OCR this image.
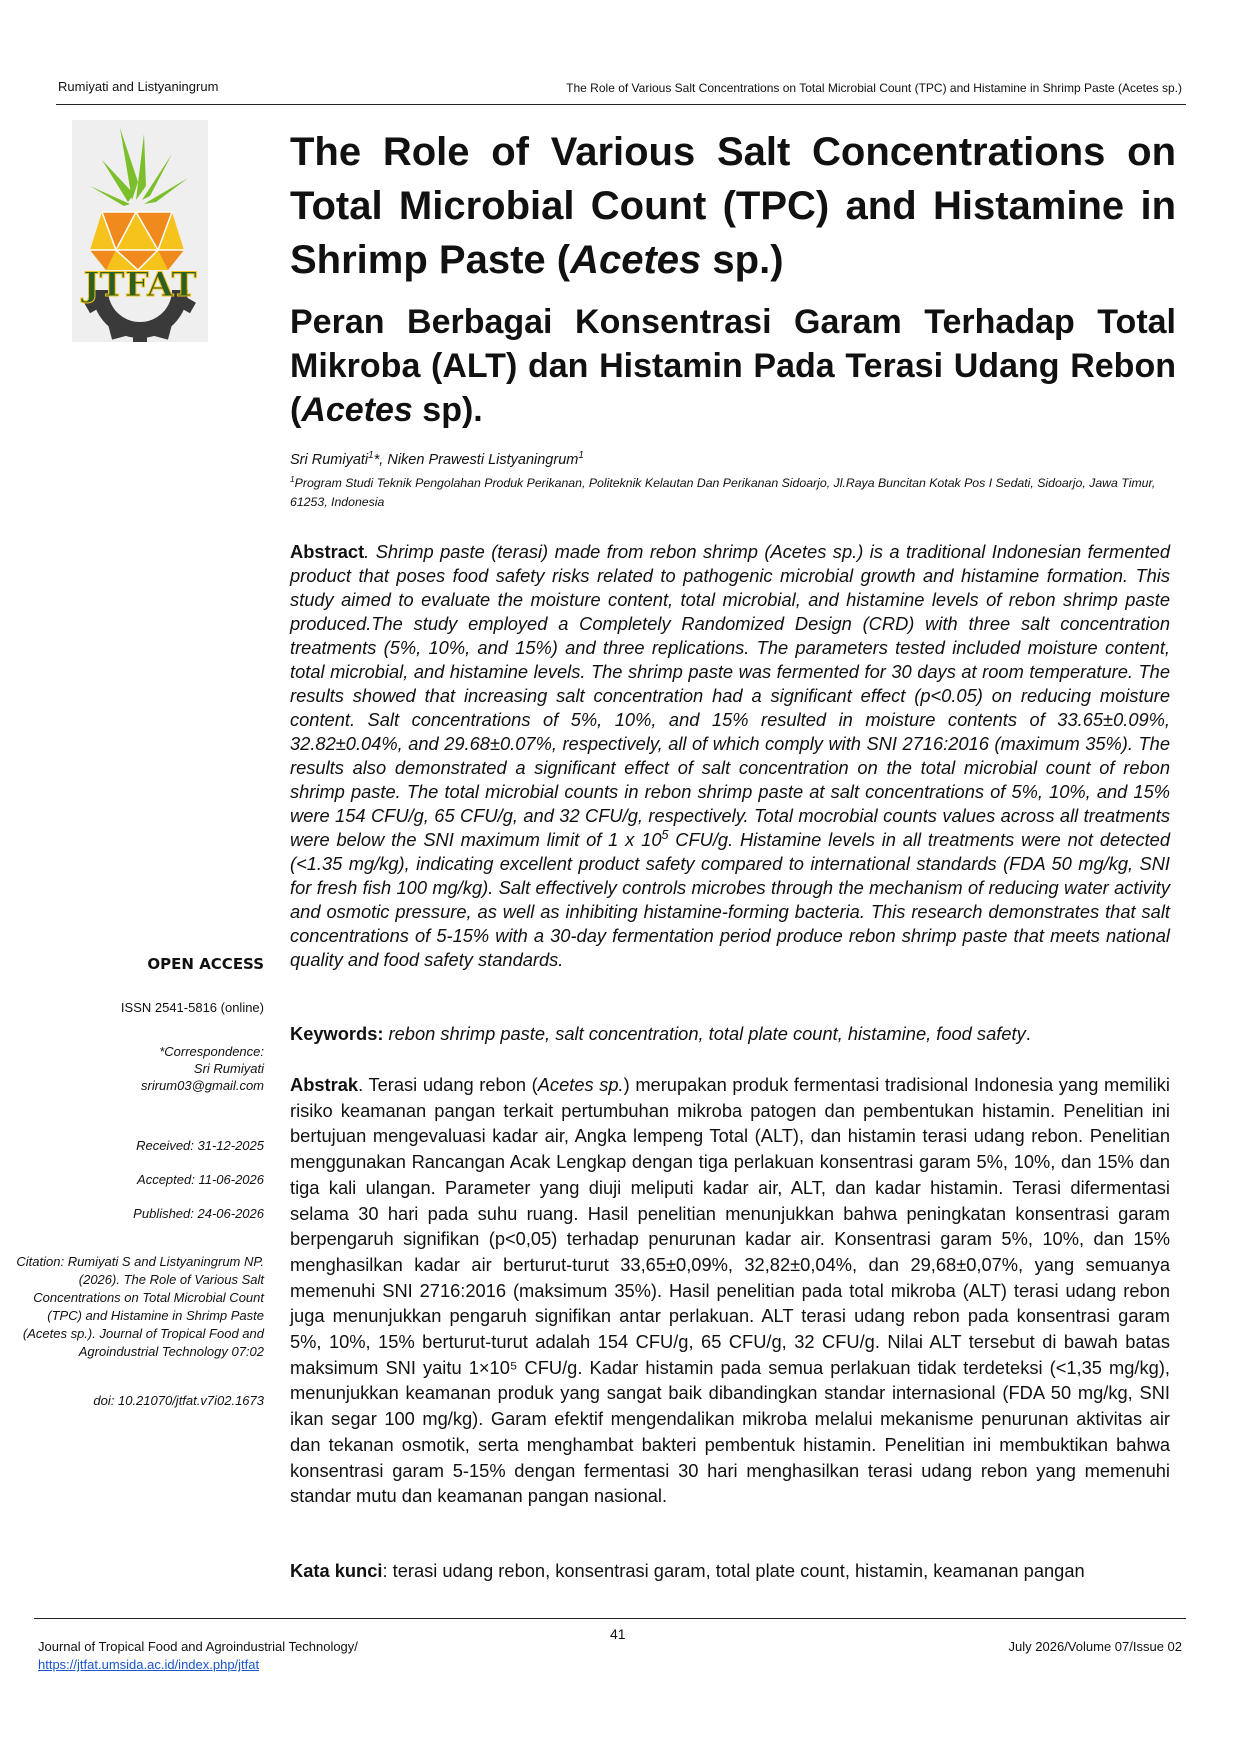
Rumiyati and Listyaningrum	The Role of Various Salt Concentrations on Total Microbial Count (TPC) and Histamine in Shrimp Paste (Acetes sp.)
JTFAT
The Role of Various Salt Concentrations on Total Microbial Count (TPC) and Histamine in Shrimp Paste (Acetes sp.)
Peran Berbagai Konsentrasi Garam Terhadap Total Mikroba (ALT) dan Histamin Pada Terasi Udang Rebon (Acetes sp).
Sri Rumiyati$^1$*, Niken Prawesti Listyaningrum$^1$
$^1$Program Studi Teknik Pengolahan Produk Perikanan, Politeknik Kelautan Dan Perikanan Sidoarjo, Jl.Raya Buncitan Kotak Pos I Sedati, Sidoarjo, Jawa Timur, 61253, Indonesia

Abstract. Shrimp paste (terasi) made from rebon shrimp (Acetes sp.) is a traditional Indonesian fermented product that poses food safety risks related to pathogenic microbial growth and histamine formation. This study aimed to evaluate the moisture content, total microbial, and histamine levels of rebon shrimp paste produced.The study employed a Completely Randomized Design (CRD) with three salt concentration treatments (5%, 10%, and 15%) and three replications. The parameters tested included moisture content, total microbial, and histamine levels. The shrimp paste was fermented for 30 days at room temperature. The results showed that increasing salt concentration had a significant effect (p<0.05) on reducing moisture content. Salt concentrations of 5%, 10%, and 15% resulted in moisture contents of 33.65±0.09%, 32.82±0.04%, and 29.68±0.07%, respectively, all of which comply with SNI 2716:2016 (maximum 35%). The results also demonstrated a significant effect of salt concentration on the total microbial count of rebon shrimp paste. The total microbial counts in rebon shrimp paste at salt concentrations of 5%, 10%, and 15% were 154 CFU/g, 65 CFU/g, and 32 CFU/g, respectively. Total mocrobial counts values across all treatments were below the SNI maximum limit of 1 x $10^5$ CFU/g. Histamine levels in all treatments were not detected (<1.35 mg/kg), indicating excellent product safety compared to international standards (FDA 50 mg/kg, SNI for fresh fish 100 mg/kg). Salt effectively controls microbes through the mechanism of reducing water activity and osmotic pressure, as well as inhibiting histamine-forming bacteria. This research demonstrates that salt concentrations of 5-15% with a 30-day fermentation period produce rebon shrimp paste that meets national quality and food safety standards.

Keywords: rebon shrimp paste, salt concentration, total plate count, histamine, food safety.

Abstrak. Terasi udang rebon (Acetes sp.) merupakan produk fermentasi tradisional Indonesia yang memiliki risiko keamanan pangan terkait pertumbuhan mikroba patogen dan pembentukan histamin. Penelitian ini bertujuan mengevaluasi kadar air, Angka lempeng Total (ALT), dan histamin terasi udang rebon. Penelitian menggunakan Rancangan Acak Lengkap dengan tiga perlakuan konsentrasi garam 5%, 10%, dan 15% dan tiga kali ulangan. Parameter yang diuji meliputi kadar air, ALT, dan kadar histamin. Terasi difermentasi selama 30 hari pada suhu ruang. Hasil penelitian menunjukkan bahwa peningkatan konsentrasi garam berpengaruh signifikan (p<0,05) terhadap penurunan kadar air. Konsentrasi garam 5%, 10%, dan 15% menghasilkan kadar air berturut-turut 33,65±0,09%, 32,82±0,04%, dan 29,68±0,07%, yang semuanya memenuhi SNI 2716:2016 (maksimum 35%). Hasil penelitian pada total mikroba (ALT) terasi udang rebon juga menunjukkan pengaruh signifikan antar perlakuan. ALT terasi udang rebon pada konsentrasi garam 5%, 10%, 15% berturut-turut adalah 154 CFU/g, 65 CFU/g, 32 CFU/g. Nilai ALT tersebut di bawah batas maksimum SNI yaitu 1×10⁵ CFU/g. Kadar histamin pada semua perlakuan tidak terdeteksi (<1,35 mg/kg), menunjukkan keamanan produk yang sangat baik dibandingkan standar internasional (FDA 50 mg/kg, SNI ikan segar 100 mg/kg). Garam efektif mengendalikan mikroba melalui mekanisme penurunan aktivitas air dan tekanan osmotik, serta menghambat bakteri pembentuk histamin. Penelitian ini membuktikan bahwa konsentrasi garam 5-15% dengan fermentasi 30 hari menghasilkan terasi udang rebon yang memenuhi standar mutu dan keamanan pangan nasional.

Kata kunci: terasi udang rebon, konsentrasi garam, total plate count, histamin, keamanan pangan

OPEN ACCESS
ISSN 2541-5816 (online)
*Correspondence:
Sri Rumiyati
srirum03@gmail.com
Received: 31-12-2025
Accepted: 11-06-2026
Published: 24-06-2026
Citation: Rumiyati S and Listyaningrum NP. (2026). The Role of Various Salt Concentrations on Total Microbial Count (TPC) and Histamine in Shrimp Paste (Acetes sp.). Journal of Tropical Food and Agroindustrial Technology 07:02
doi: 10.21070/jtfat.v7i02.1673
Journal of Tropical Food and Agroindustrial Technology/
https://jtfat.umsida.ac.id/index.php/jtfat
41
July 2026/Volume 07/Issue 02
